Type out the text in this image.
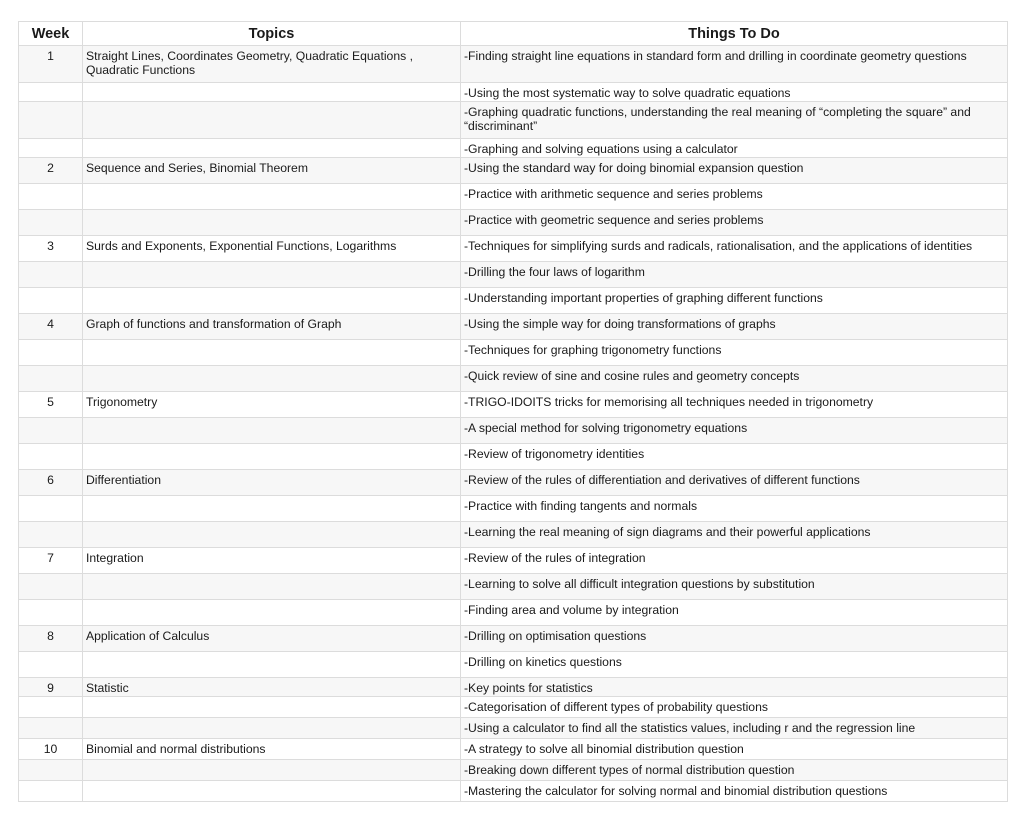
Week	Topics	Things To Do
1	Straight Lines, Coordinates Geometry, Quadratic Equations , Quadratic Functions	-Finding straight line equations in standard form and drilling in coordinate geometry questions
		-Using the most systematic way to solve quadratic equations
		-Graphing quadratic functions, understanding the real meaning of “completing the square” and “discriminant”
		-Graphing and solving equations using a calculator
2	Sequence and Series, Binomial Theorem	-Using the standard way for doing binomial expansion question
		-Practice with arithmetic sequence and series problems
		-Practice with geometric sequence and series problems
3	Surds and Exponents, Exponential Functions, Logarithms	-Techniques for simplifying surds and radicals, rationalisation, and the applications of identities
		-Drilling the four laws of logarithm
		-Understanding important properties of graphing different functions
4	Graph of functions and transformation of Graph	-Using the simple way for doing transformations of graphs
		-Techniques for graphing trigonometry functions
		-Quick review of sine and cosine rules and geometry concepts
5	Trigonometry	-TRIGO-IDOITS tricks for memorising all techniques needed in trigonometry
		-A special method for solving trigonometry equations
		-Review of trigonometry identities
6	Differentiation	-Review of the rules of differentiation and derivatives of different functions
		-Practice with finding tangents and normals
		-Learning the real meaning of sign diagrams and their powerful applications
7	Integration	-Review of the rules of integration
		-Learning to solve all difficult integration questions by substitution
		-Finding area and volume by integration
8	Application of Calculus	-Drilling on optimisation questions
		-Drilling on kinetics questions
9	Statistic	-Key points for statistics
		-Categorisation of different types of probability questions
		-Using a calculator to find all the statistics values, including r and the regression line
10	Binomial and normal distributions	-A strategy to solve all binomial distribution question
		-Breaking down different types of normal distribution question
		-Mastering the calculator for solving normal and binomial distribution questions
